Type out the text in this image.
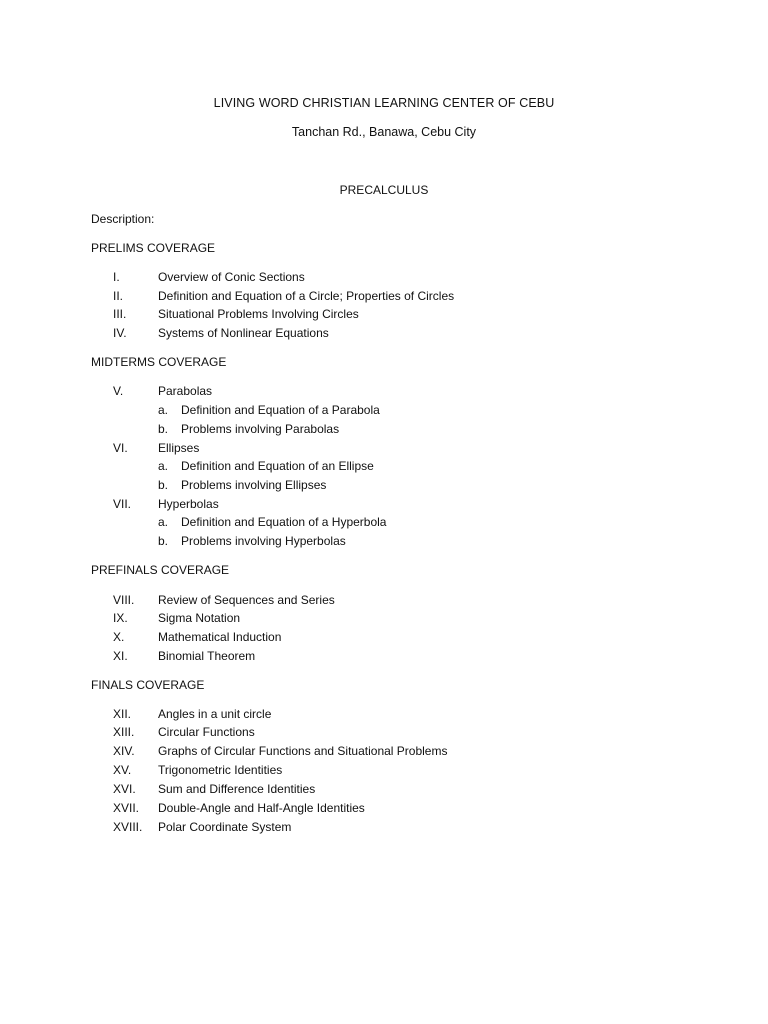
LIVING WORD CHRISTIAN LEARNING CENTER OF CEBU
Tanchan Rd., Banawa, Cebu City
PRECALCULUS
Description:
PRELIMS COVERAGE
I.	Overview of Conic Sections
II.	Definition and Equation of a Circle; Properties of Circles
III.	Situational Problems Involving Circles
IV.	Systems of Nonlinear Equations
MIDTERMS COVERAGE
V.	Parabolas
a. Definition and Equation of a Parabola
b. Problems involving Parabolas
VI.	Ellipses
a. Definition and Equation of an Ellipse
b. Problems involving Ellipses
VII. Hyperbolas
a. Definition and Equation of a Hyperbola
b. Problems involving Hyperbolas
PREFINALS COVERAGE
VIII. Review of Sequences and Series
IX.	Sigma Notation
X.	Mathematical Induction
XI.	Binomial Theorem
FINALS COVERAGE
XII. Angles in a unit circle
XIII. Circular Functions
XIV. Graphs of Circular Functions and Situational Problems
XV. Trigonometric Identities
XVI. Sum and Difference Identities
XVII. Double-Angle and Half-Angle Identities
XVIII. Polar Coordinate System
